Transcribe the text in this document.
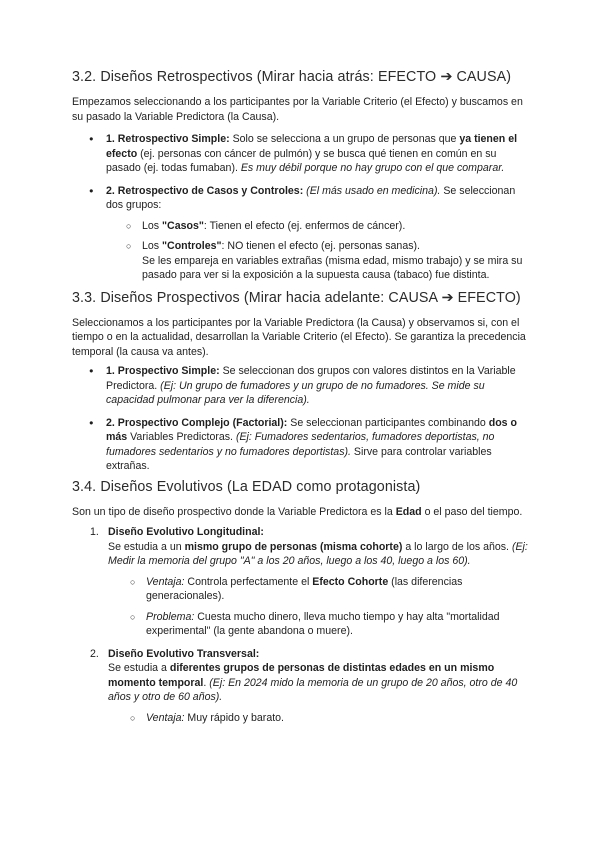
3.2. Diseños Retrospectivos (Mirar hacia atrás: EFECTO ➔ CAUSA)

Empezamos seleccionando a los participantes por la Variable Criterio (el Efecto) y buscamos en su pasado la Variable Predictora (la Causa).

● 1. Retrospectivo Simple: Solo se selecciona a un grupo de personas que ya tienen el efecto (ej. personas con cáncer de pulmón) y se busca qué tienen en común en su pasado (ej. todas fumaban). Es muy débil porque no hay grupo con el que comparar.
● 2. Retrospectivo de Casos y Controles: (El más usado en medicina). Se seleccionan dos grupos:
○ Los "Casos": Tienen el efecto (ej. enfermos de cáncer).
○ Los "Controles": NO tienen el efecto (ej. personas sanas).
Se les empareja en variables extrañas (misma edad, mismo trabajo) y se mira su pasado para ver si la exposición a la supuesta causa (tabaco) fue distinta.
3.3. Diseños Prospectivos (Mirar hacia adelante: CAUSA ➔ EFECTO)

Seleccionamos a los participantes por la Variable Predictora (la Causa) y observamos si, con el tiempo o en la actualidad, desarrollan la Variable Criterio (el Efecto). Se garantiza la precedencia temporal (la causa va antes).

● 1. Prospectivo Simple: Se seleccionan dos grupos con valores distintos en la Variable Predictora. (Ej: Un grupo de fumadores y un grupo de no fumadores. Se mide su capacidad pulmonar para ver la diferencia).
● 2. Prospectivo Complejo (Factorial): Se seleccionan participantes combinando dos o más Variables Predictoras. (Ej: Fumadores sedentarios, fumadores deportistas, no fumadores sedentarios y no fumadores deportistas). Sirve para controlar variables extrañas.
3.4. Diseños Evolutivos (La EDAD como protagonista)

Son un tipo de diseño prospectivo donde la Variable Predictora es la Edad o el paso del tiempo.

1. Diseño Evolutivo Longitudinal:
Se estudia a un mismo grupo de personas (misma cohorte) a lo largo de los años. (Ej: Medir la memoria del grupo "A" a los 20 años, luego a los 40, luego a los 60).
○ Ventaja: Controla perfectamente el Efecto Cohorte (las diferencias generacionales).
○ Problema: Cuesta mucho dinero, lleva mucho tiempo y hay alta "mortalidad experimental" (la gente abandona o muere).
2. Diseño Evolutivo Transversal:
Se estudia a diferentes grupos de personas de distintas edades en un mismo momento temporal. (Ej: En 2024 mido la memoria de un grupo de 20 años, otro de 40 años y otro de 60 años).
○ Ventaja: Muy rápido y barato.
